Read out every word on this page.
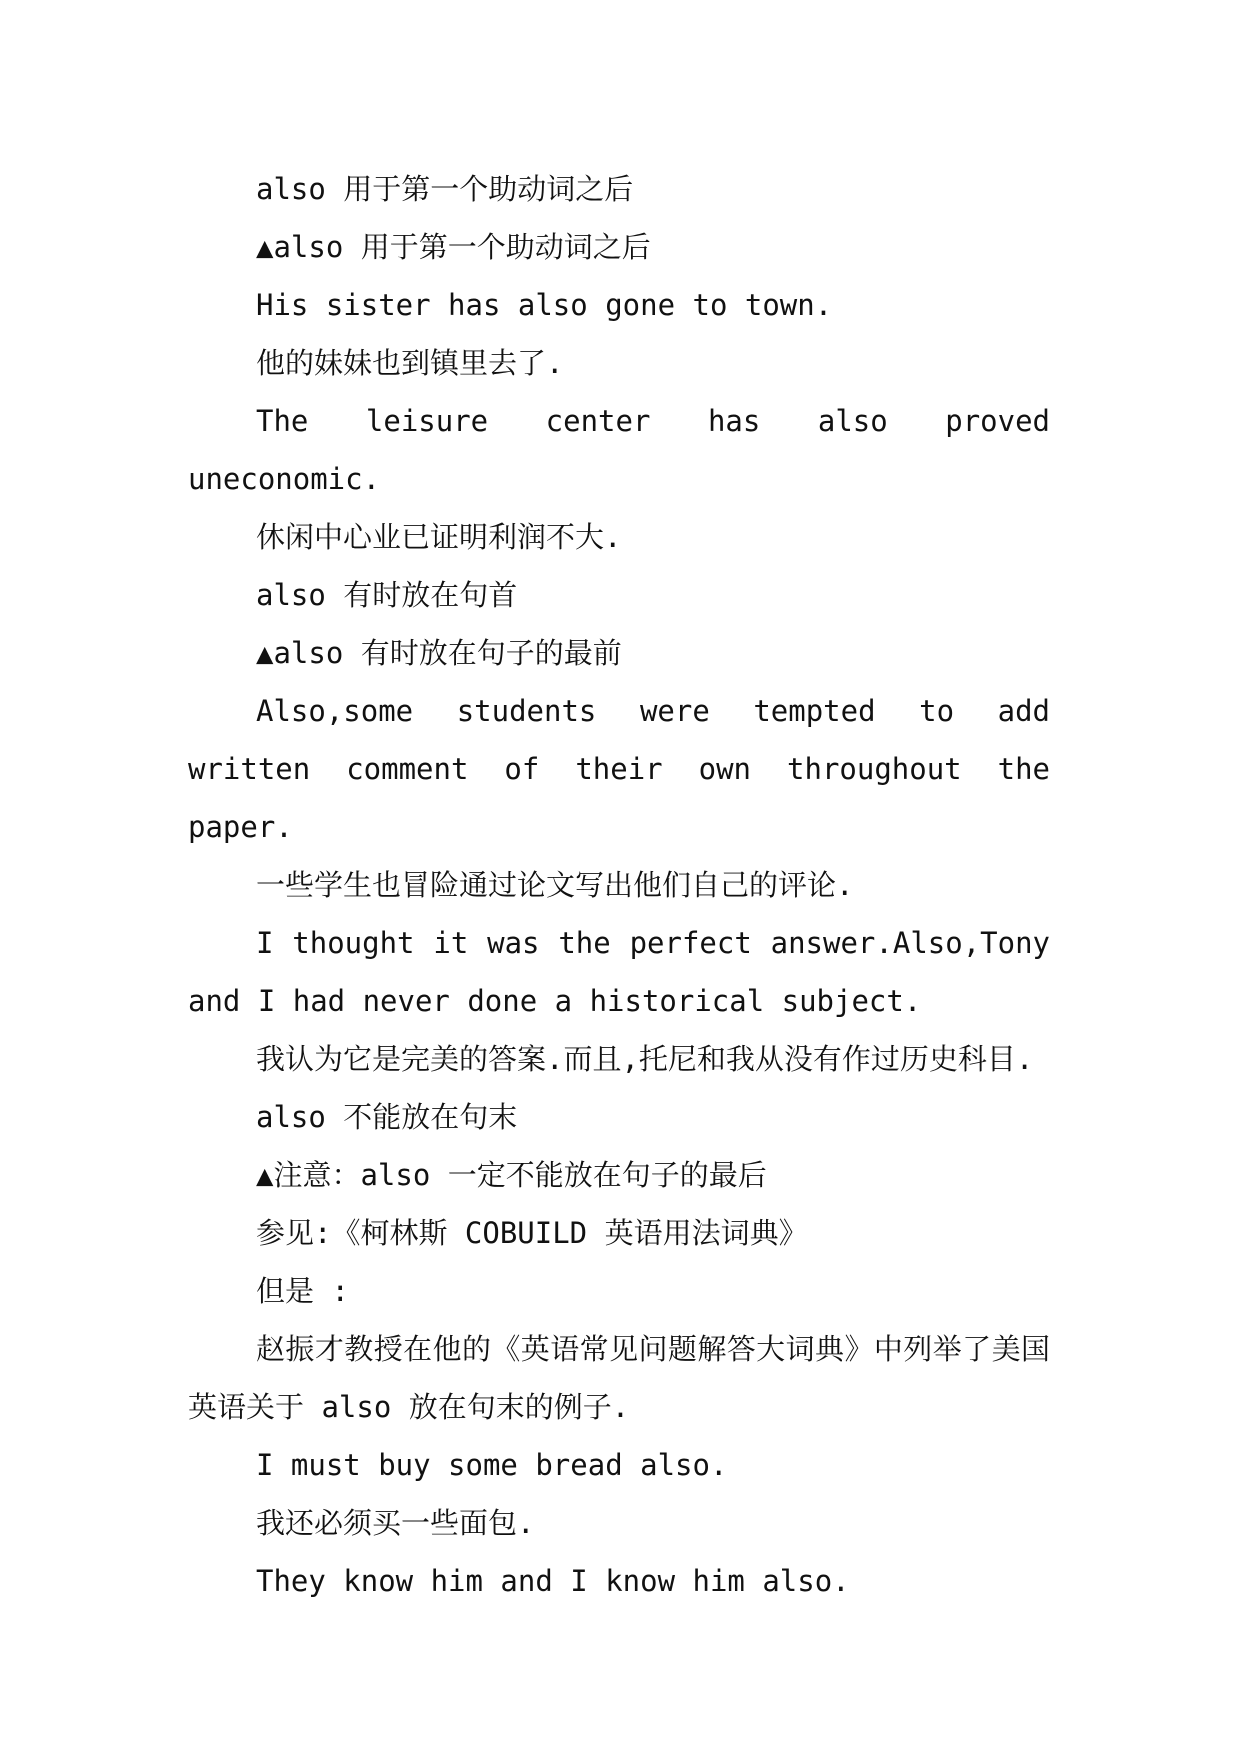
also 用于第一个助动词之后

▲also 用于第一个助动词之后

His sister has also gone to town.

他的妹妹也到镇里去了.

The leisure center has also proved uneconomic.

休闲中心业已证明利润不大.

also 有时放在句首

▲also 有时放在句子的最前

Also,some students were tempted to add written comment of their own throughout the paper.

一些学生也冒险通过论文写出他们自己的评论.

I thought it was the perfect answer.Also,Tony and I had never done a historical subject.

我认为它是完美的答案.而且,托尼和我从没有作过历史科目.

also 不能放在句末

▲注意：also 一定不能放在句子的最后

参见:《柯林斯 COBUILD 英语用法词典》

但是 :

赵振才教授在他的《英语常见问题解答大词典》中列举了美国英语关于 also 放在句末的例子.

I must buy some bread also.

我还必须买一些面包.

They know him and I know him also.
